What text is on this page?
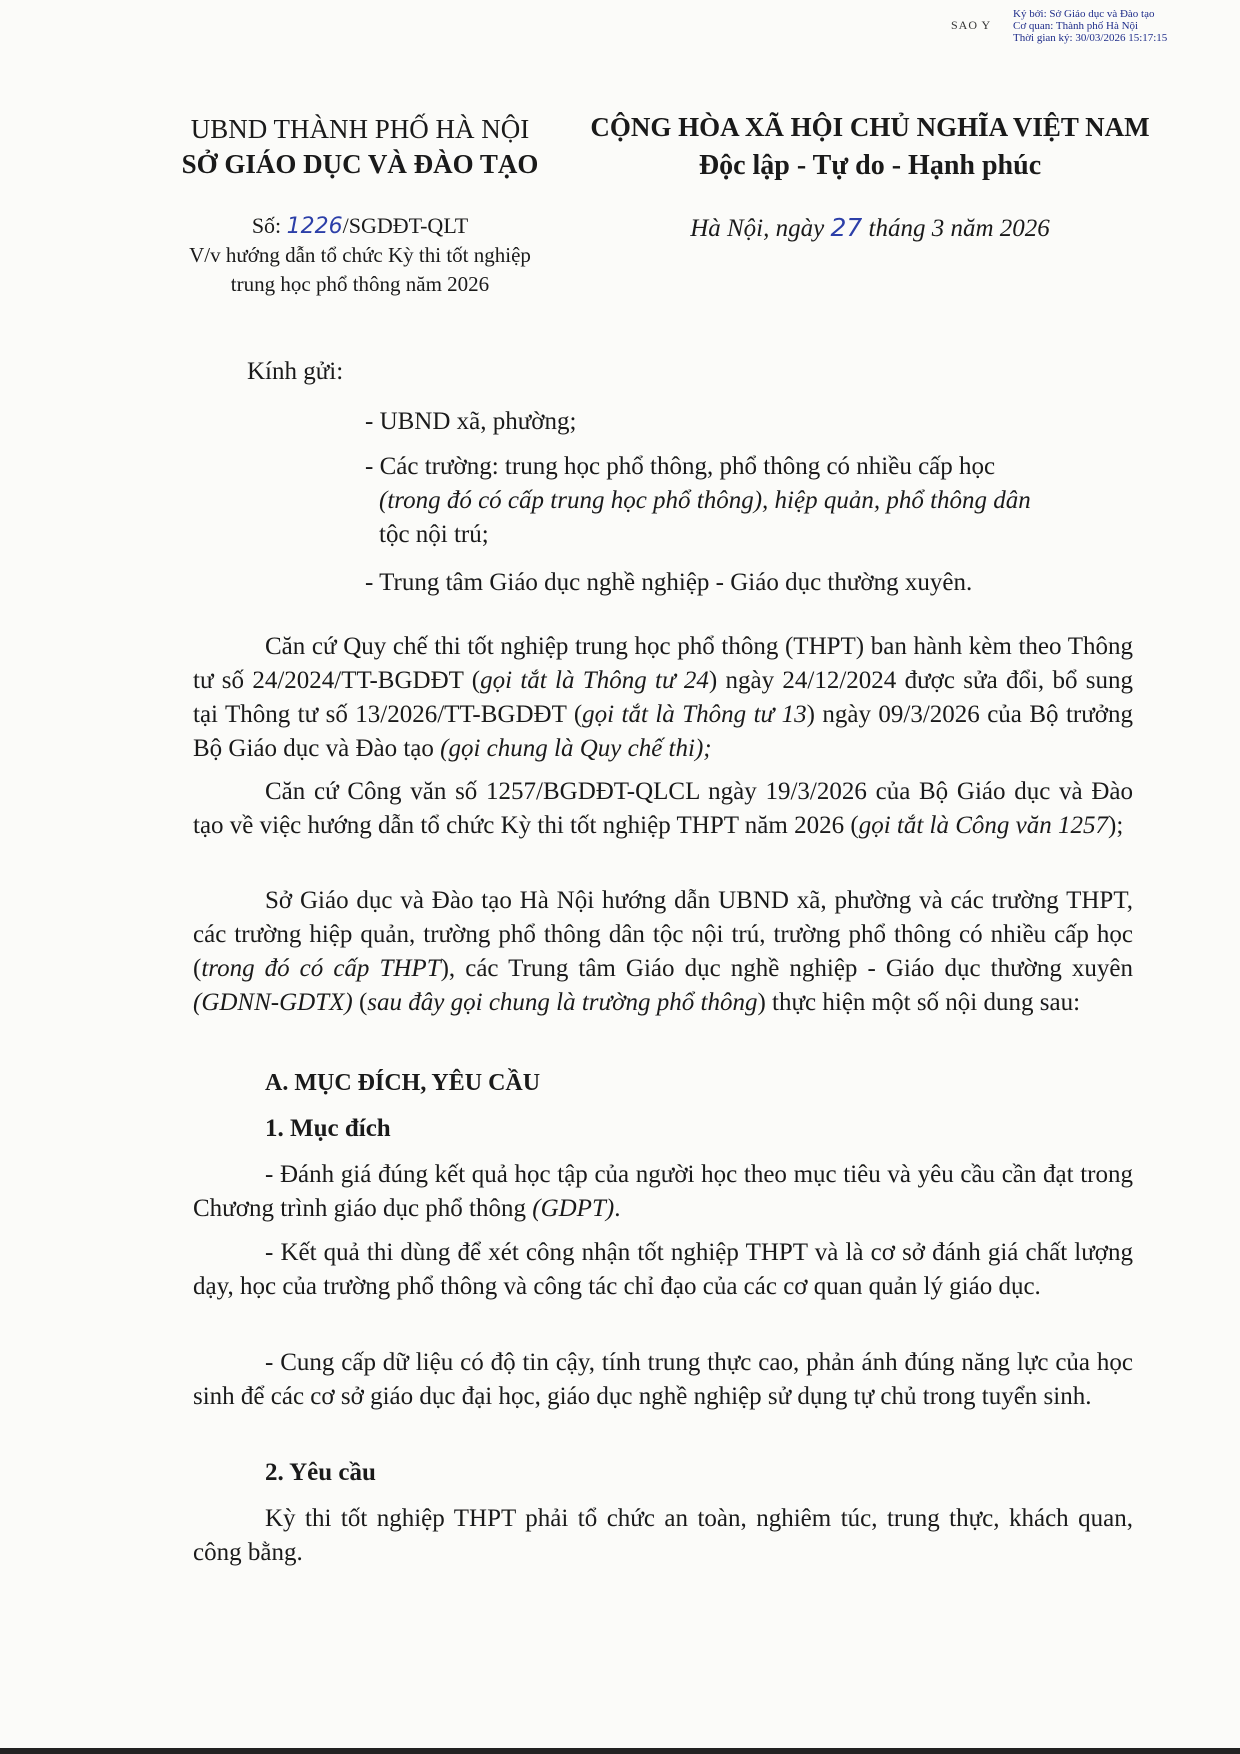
SAO Y
Ký bởi: Sở Giáo dục và Đào tạo
Cơ quan: Thành phố Hà Nội
Thời gian ký: 30/03/2026 15:17:15
UBND THÀNH PHỐ HÀ NỘI
SỞ GIÁO DỤC VÀ ĐÀO TẠO
CỘNG HÒA XÃ HỘI CHỦ NGHĨA VIỆT NAM
Độc lập - Tự do - Hạnh phúc
Số: 1226/SGDĐT-QLT
V/v hướng dẫn tổ chức Kỳ thi tốt nghiệp
trung học phổ thông năm 2026
Hà Nội, ngày 27 tháng 3 năm 2026
Kính gửi:
- UBND xã, phường;
- Các trường: trung học phổ thông, phổ thông có nhiều cấp học
(trong đó có cấp trung học phổ thông), hiệp quản, phổ thông dân
tộc nội trú;
- Trung tâm Giáo dục nghề nghiệp - Giáo dục thường xuyên.
Căn cứ Quy chế thi tốt nghiệp trung học phổ thông (THPT) ban hành kèm theo Thông tư số 24/2024/TT-BGDĐT (gọi tắt là Thông tư 24) ngày 24/12/2024 được sửa đổi, bổ sung tại Thông tư số 13/2026/TT-BGDĐT (gọi tắt là Thông tư 13) ngày 09/3/2026 của Bộ trưởng Bộ Giáo dục và Đào tạo (gọi chung là Quy chế thi);
Căn cứ Công văn số 1257/BGDĐT-QLCL ngày 19/3/2026 của Bộ Giáo dục và Đào tạo về việc hướng dẫn tổ chức Kỳ thi tốt nghiệp THPT năm 2026 (gọi tắt là Công văn 1257);
Sở Giáo dục và Đào tạo Hà Nội hướng dẫn UBND xã, phường và các trường THPT, các trường hiệp quản, trường phổ thông dân tộc nội trú, trường phổ thông có nhiều cấp học (trong đó có cấp THPT), các Trung tâm Giáo dục nghề nghiệp - Giáo dục thường xuyên (GDNN-GDTX) (sau đây gọi chung là trường phổ thông) thực hiện một số nội dung sau:
A. MỤC ĐÍCH, YÊU CẦU
1. Mục đích
- Đánh giá đúng kết quả học tập của người học theo mục tiêu và yêu cầu cần đạt trong Chương trình giáo dục phổ thông (GDPT).
- Kết quả thi dùng để xét công nhận tốt nghiệp THPT và là cơ sở đánh giá chất lượng dạy, học của trường phổ thông và công tác chỉ đạo của các cơ quan quản lý giáo dục.
- Cung cấp dữ liệu có độ tin cậy, tính trung thực cao, phản ánh đúng năng lực của học sinh để các cơ sở giáo dục đại học, giáo dục nghề nghiệp sử dụng tự chủ trong tuyển sinh.
2. Yêu cầu
Kỳ thi tốt nghiệp THPT phải tổ chức an toàn, nghiêm túc, trung thực, khách quan, công bằng.
